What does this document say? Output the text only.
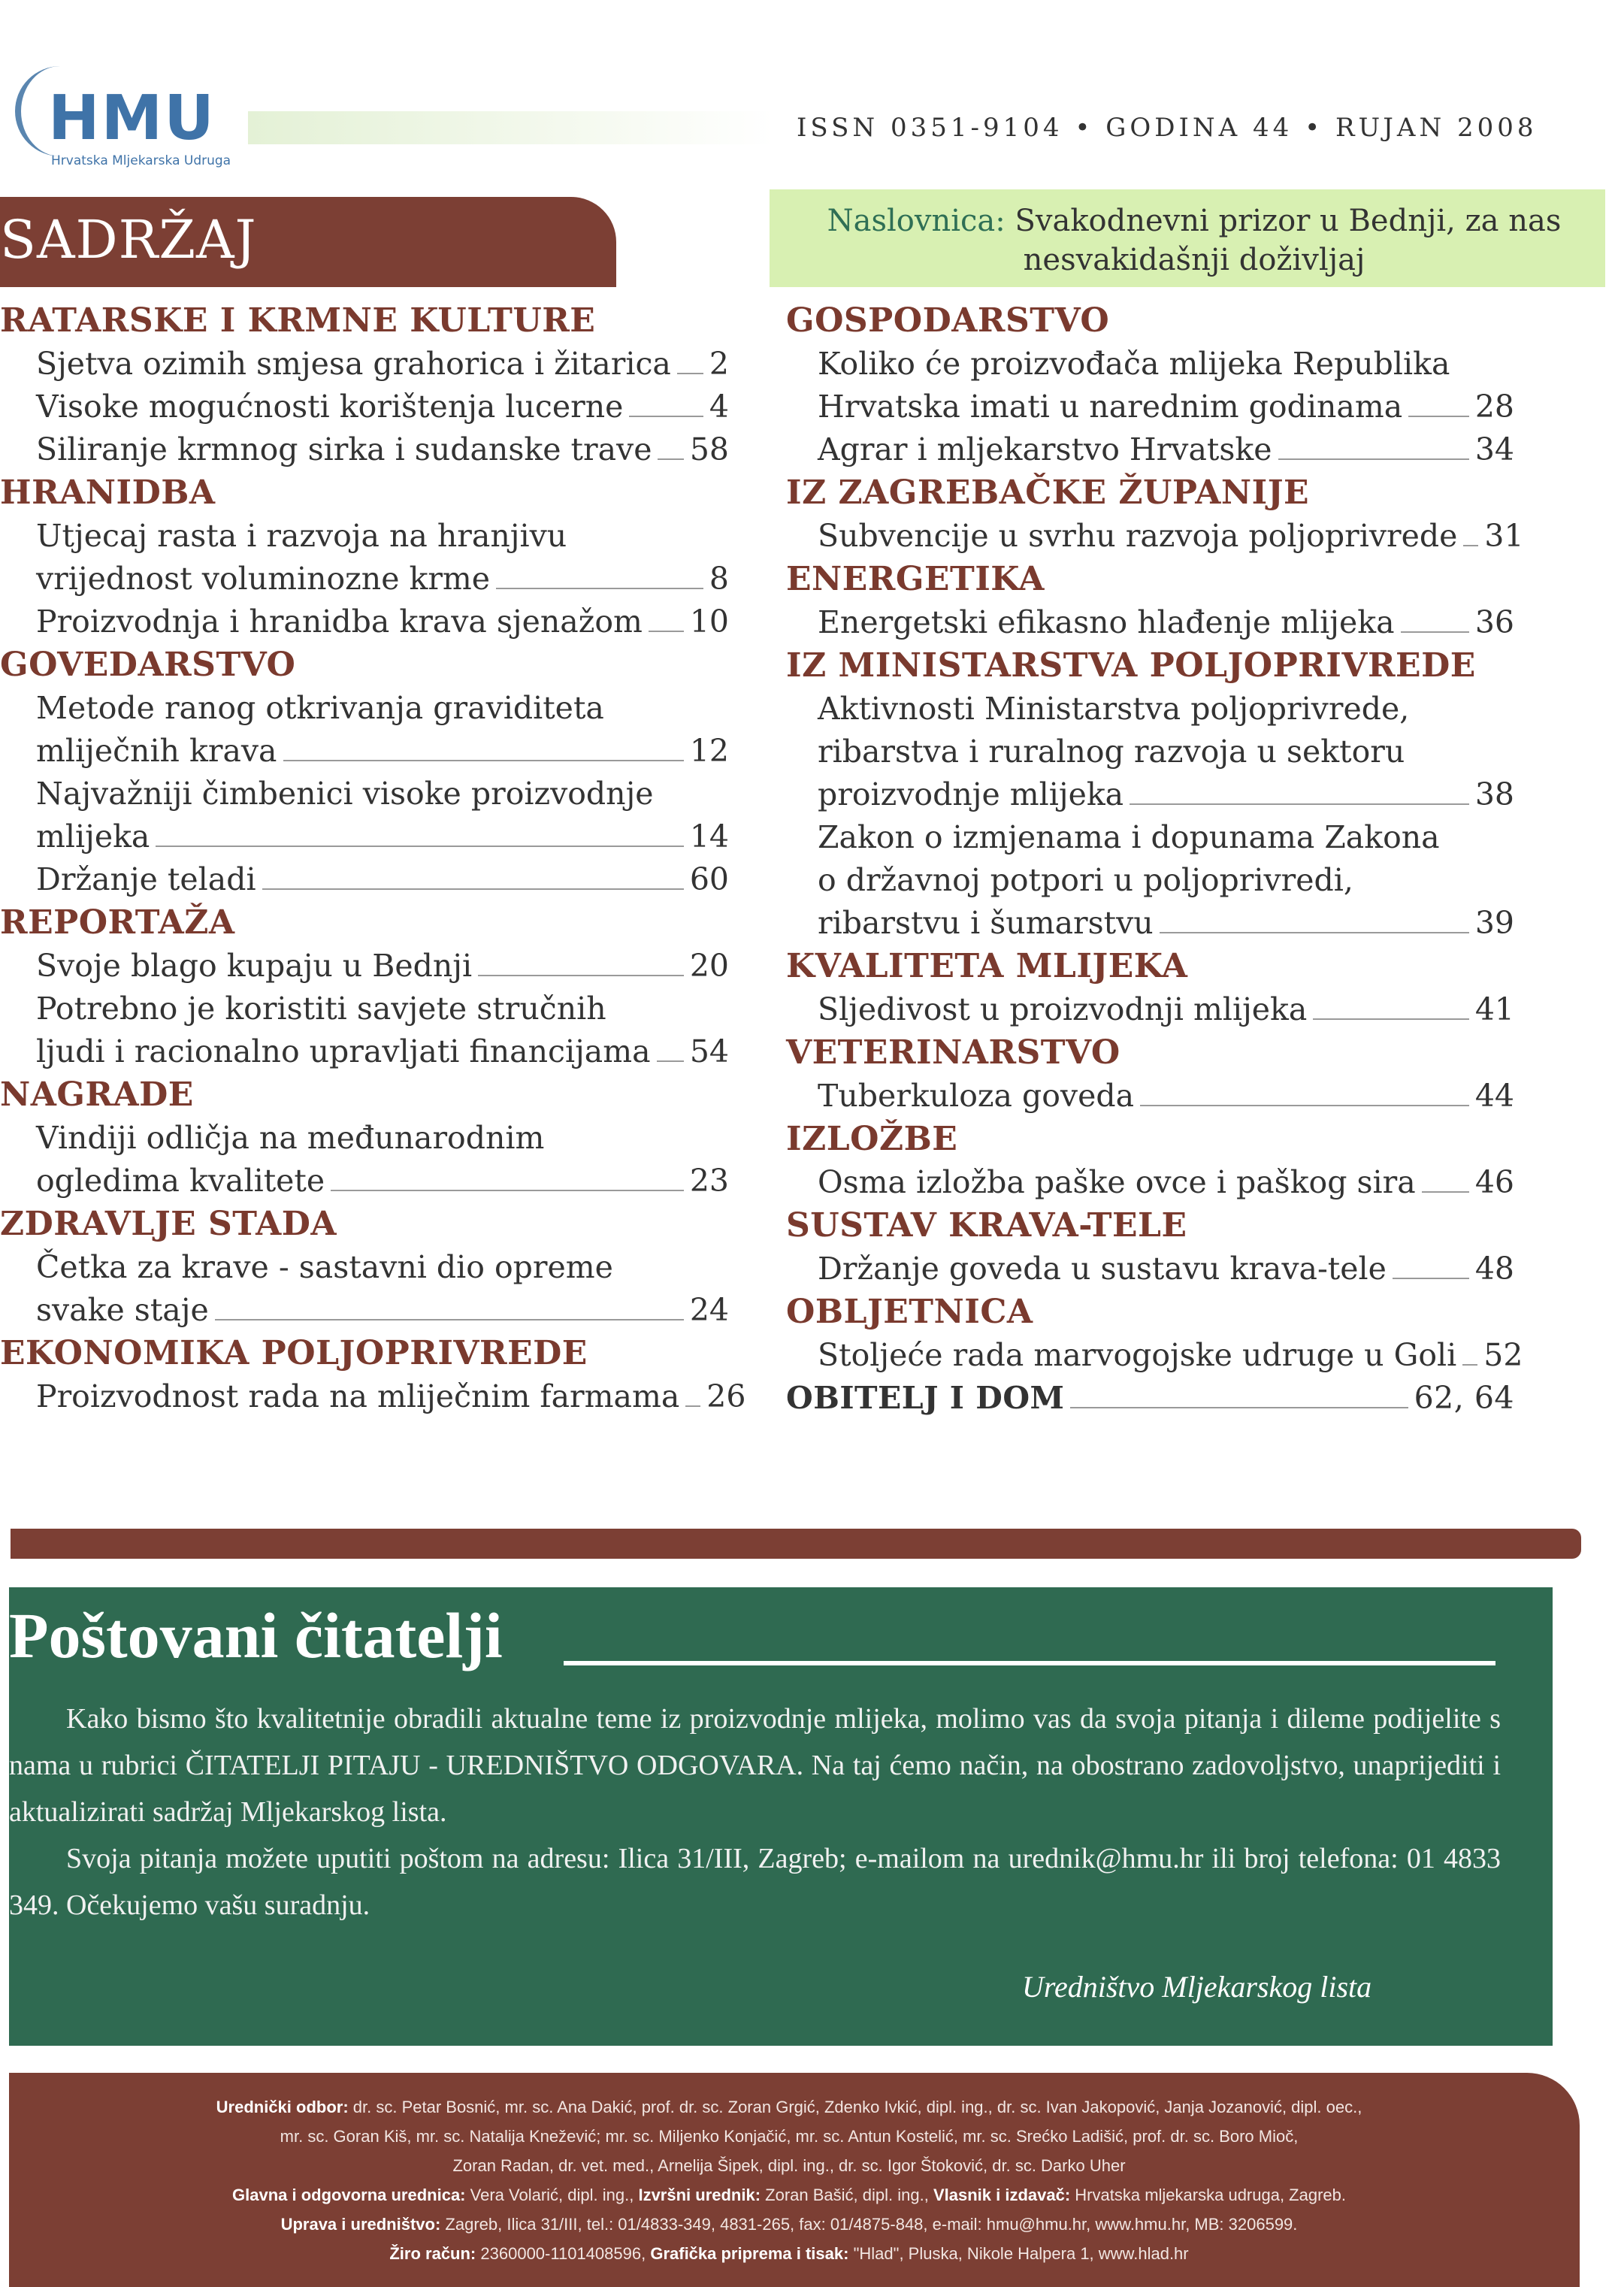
HMU
Hrvatska Mljekarska Udruga
ISSN 0351-9104 • GODINA 44 • RUJAN 2008
SADRŽAJ	Naslovnica: Svakodnevni prizor u Bednji, za nas nesvakidašnji doživljaj
RATARSKE I KRMNE KULTURE
Sjetva ozimih smjesa grahorica i žitarica 2
Visoke mogućnosti korištenja lucerne	4
Siliranje krmnog sirka i sudanske trave 58
HRANIDBA
Utjecaj rasta i razvoja na hranjivu
vrijednost voluminozne krme	8
Proizvodnja i hranidba krava sjenažom 10
GOVEDARSTVO
Metode ranog otkrivanja graviditeta
mliječnih krava	12
Najvažniji čimbenici visoke proizvodnje
mlijeka	14
Držanje teladi	60
REPORTAŽA
Svoje blago kupaju u Bednji	20
Potrebno je koristiti savjete stručnih
ljudi i racionalno upravljati financijama 54
NAGRADE
Vindiji odličja na međunarodnim
ogledima kvalitete	23
ZDRAVLJE STADA
Četka za krave - sastavni dio opreme
svake staje	24
EKONOMIKA POLJOPRIVREDE
Proizvodnost rada na mliječnim farmama 26
GOSPODARSTVO
Koliko će proizvođača mlijeka Republika
Hrvatska imati u narednim godinama 28
Agrar i mljekarstvo Hrvatske	34
IZ ZAGREBAČKE ŽUPANIJE
Subvencije u svrhu razvoja poljoprivrede 31
ENERGETIKA
Energetski efikasno hlađenje mlijeka	36
IZ MINISTARSTVA POLJOPRIVREDE
Aktivnosti Ministarstva poljoprivrede,
ribarstva i ruralnog razvoja u sektoru
proizvodnje mlijeka	38
Zakon o izmjenama i dopunama Zakona
o državnoj potpori u poljoprivredi,
ribarstvu i šumarstvu	39
KVALITETA MLIJEKA
Sljedivost u proizvodnji mlijeka	41
VETERINARSTVO
Tuberkuloza goveda	44
IZLOŽBE
Osma izložba paške ovce i paškog sira 46
SUSTAV KRAVA-TELE
Držanje goveda u sustavu krava-tele	48
OBLJETNICA
Stoljeće rada marvogojske udruge u Goli 52
OBITELJ I DOM	62, 64
Poštovani čitatelji

Kako bismo što kvalitetnije obradili aktualne teme iz proizvodnje mlijeka, molimo vas da svoja pitanja i dileme podijelite s nama u rubrici ČITATELJI PITAJU - UREDNIŠTVO ODGOVARA. Na taj ćemo način, na obostrano zadovoljstvo, unaprijediti i aktualizirati sadržaj Mljekarskog lista.

Svoja pitanja možete uputiti poštom na adresu: Ilica 31/III, Zagreb; e-mailom na urednik@hmu.hr ili broj telefona: 01 4833 349. Očekujemo vašu suradnju.

Uredništvo Mljekarskog lista
Urednički odbor: dr. sc. Petar Bosnić, mr. sc. Ana Dakić, prof. dr. sc. Zoran Grgić, Zdenko Ivkić, dipl. ing., dr. sc. Ivan Jakopović, Janja Jozanović, dipl. oec.,
mr. sc. Goran Kiš, mr. sc. Natalija Knežević; mr. sc. Miljenko Konjačić, mr. sc. Antun Kostelić, mr. sc. Srećko Ladišić, prof. dr. sc. Boro Mioč,
Zoran Radan, dr. vet. med., Arnelija Šipek, dipl. ing., dr. sc. Igor Štoković, dr. sc. Darko Uher
Glavna i odgovorna urednica: Vera Volarić, dipl. ing., Izvršni urednik: Zoran Bašić, dipl. ing., Vlasnik i izdavač: Hrvatska mljekarska udruga, Zagreb.
Uprava i uredništvo: Zagreb, Ilica 31/III, tel.: 01/4833-349, 4831-265, fax: 01/4875-848, e-mail: hmu@hmu.hr, www.hmu.hr, MB: 3206599.
Žiro račun: 2360000-1101408596, Grafička priprema i tisak: "Hlad", Pluska, Nikole Halpera 1, www.hlad.hr
